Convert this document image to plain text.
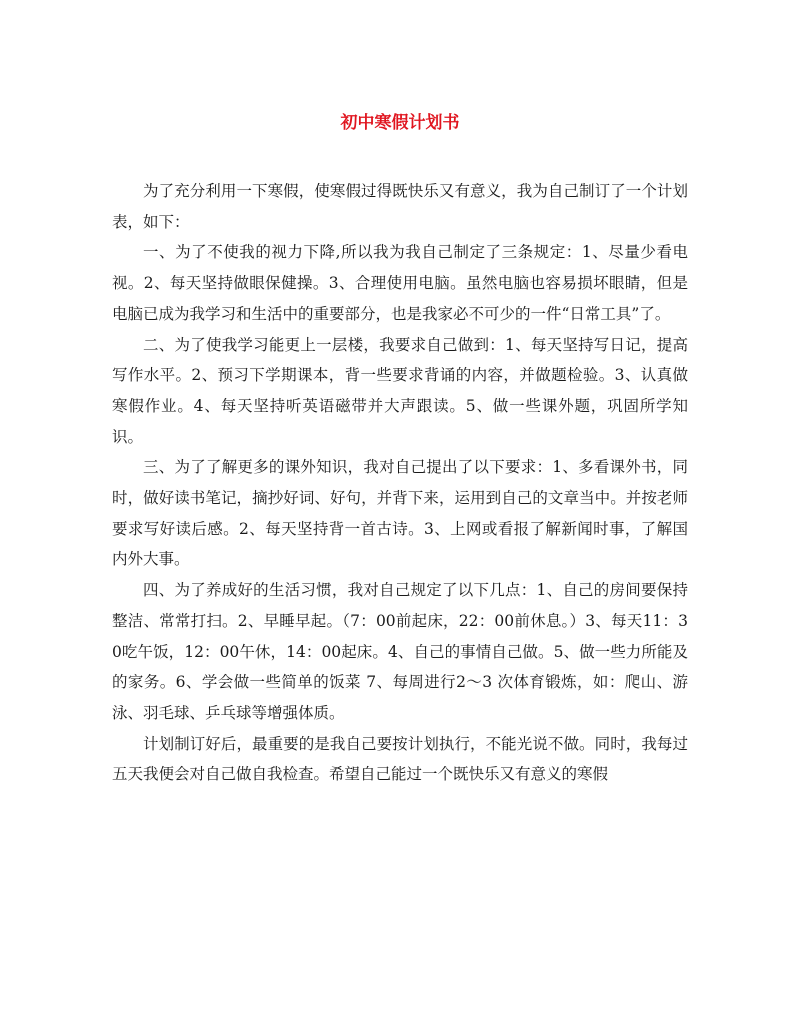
初中寒假计划书

为了充分利用一下寒假，使寒假过得既快乐又有意义，我为自己制订了一个计划表，如下：

一、为了不使我的视力下降,所以我为我自己制定了三条规定：1、尽量少看电视。2、每天坚持做眼保健操。3、合理使用电脑。虽然电脑也容易损坏眼睛，但是电脑已成为我学习和生活中的重要部分，也是我家必不可少的一件“日常工具”了。

二、为了使我学习能更上一层楼，我要求自己做到：1、每天坚持写日记，提高写作水平。2、预习下学期课本，背一些要求背诵的内容，并做题检验。3、认真做寒假作业。4、每天坚持听英语磁带并大声跟读。5、做一些课外题，巩固所学知识。

三、为了了解更多的课外知识，我对自己提出了以下要求：1、多看课外书，同时，做好读书笔记，摘抄好词、好句，并背下来，运用到自己的文章当中。并按老师要求写好读后感。2、每天坚持背一首古诗。3、上网或看报了解新闻时事，了解国内外大事。

四、为了养成好的生活习惯，我对自己规定了以下几点：1、自己的房间要保持整洁、常常打扫。2、早睡早起。（7：00前起床，22：00前休息。）3、每天11：30吃午饭，12：00午休，14：00起床。4、自己的事情自己做。5、做一些力所能及的家务。6、学会做一些简单的饭菜 7、每周进行2～3 次体育锻炼，如：爬山、游泳、羽毛球、乒乓球等增强体质。

计划制订好后，最重要的是我自己要按计划执行，不能光说不做。同时，我每过五天我便会对自己做自我检查。希望自己能过一个既快乐又有意义的寒假
